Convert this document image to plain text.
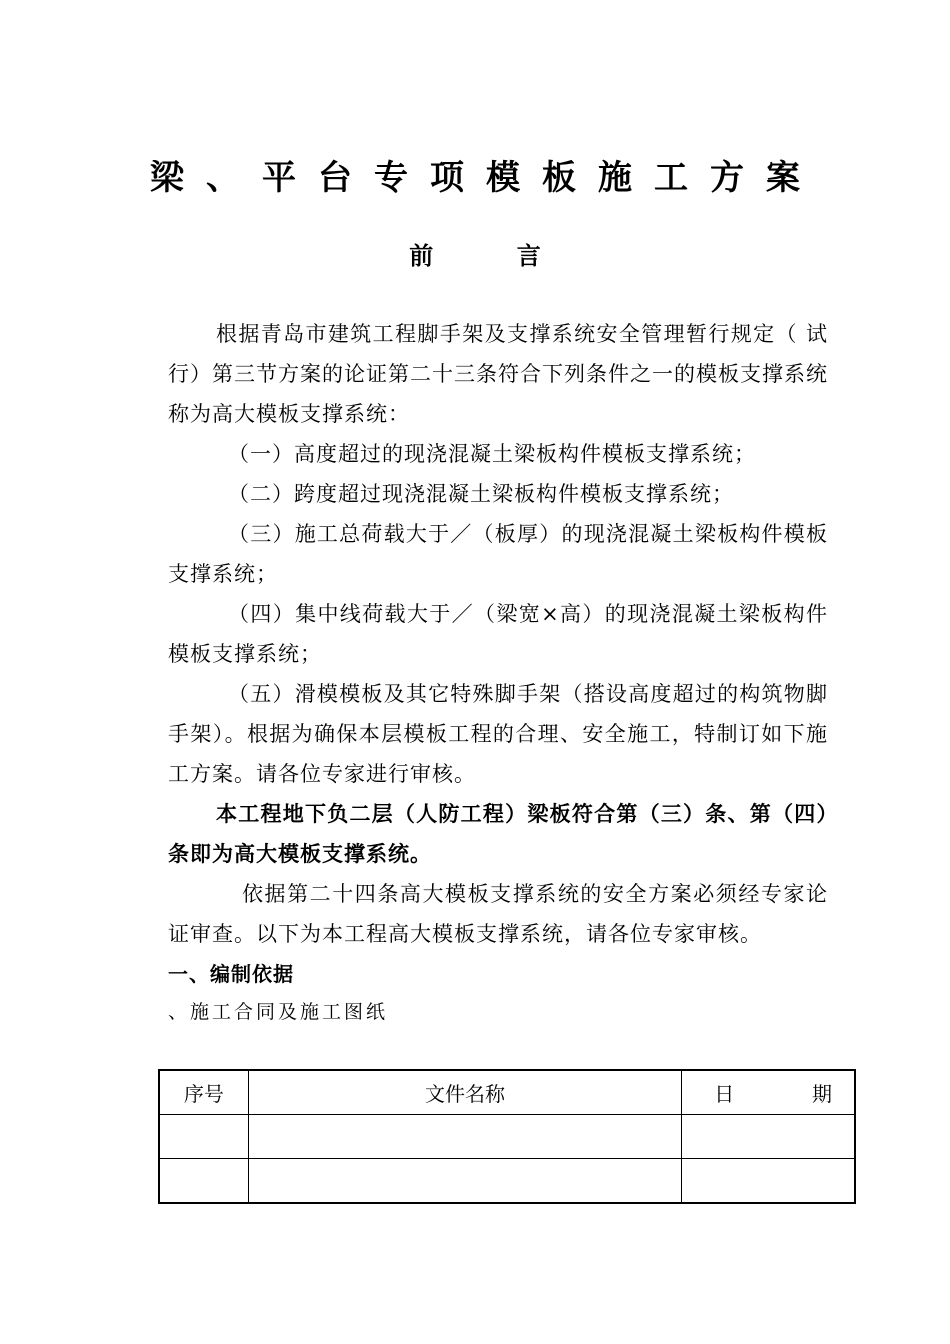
梁、平台专项模板施工方案
前          言

根据青岛市建筑工程脚手架及支撑系统安全管理暂行规定（ 试　行）第三节方案的论证第二十三条符合下列条件之一的模板支撑系统称为高大模板支撑系统：

（一）高度超过的现浇混凝土梁板构件模板支撑系统；

（二）跨度超过现浇混凝土梁板构件模板支撑系统；

（三）施工总荷载大于／（板厚）的现浇混凝土梁板构件模板支撑系统；

（四）集中线荷载大于／（梁宽×高）的现浇混凝土梁板构件模板支撑系统；

（五）滑模模板及其它特殊脚手架（搭设高度超过的构筑物脚手架）。根据为确保本层模板工程的合理、安全施工，特制订如下施工方案。请各位专家进行审核。

本工程地下负二层（人防工程）梁板符合第（三）条、第（四）条即为高大模板支撑系统。

依据第二十四条高大模板支撑系统的安全方案必须经专家论证审查。以下为本工程高大模板支撑系统，请各位专家审核。

一、编制依据

、施工合同及施工图纸

序号	文件名称	日 期
